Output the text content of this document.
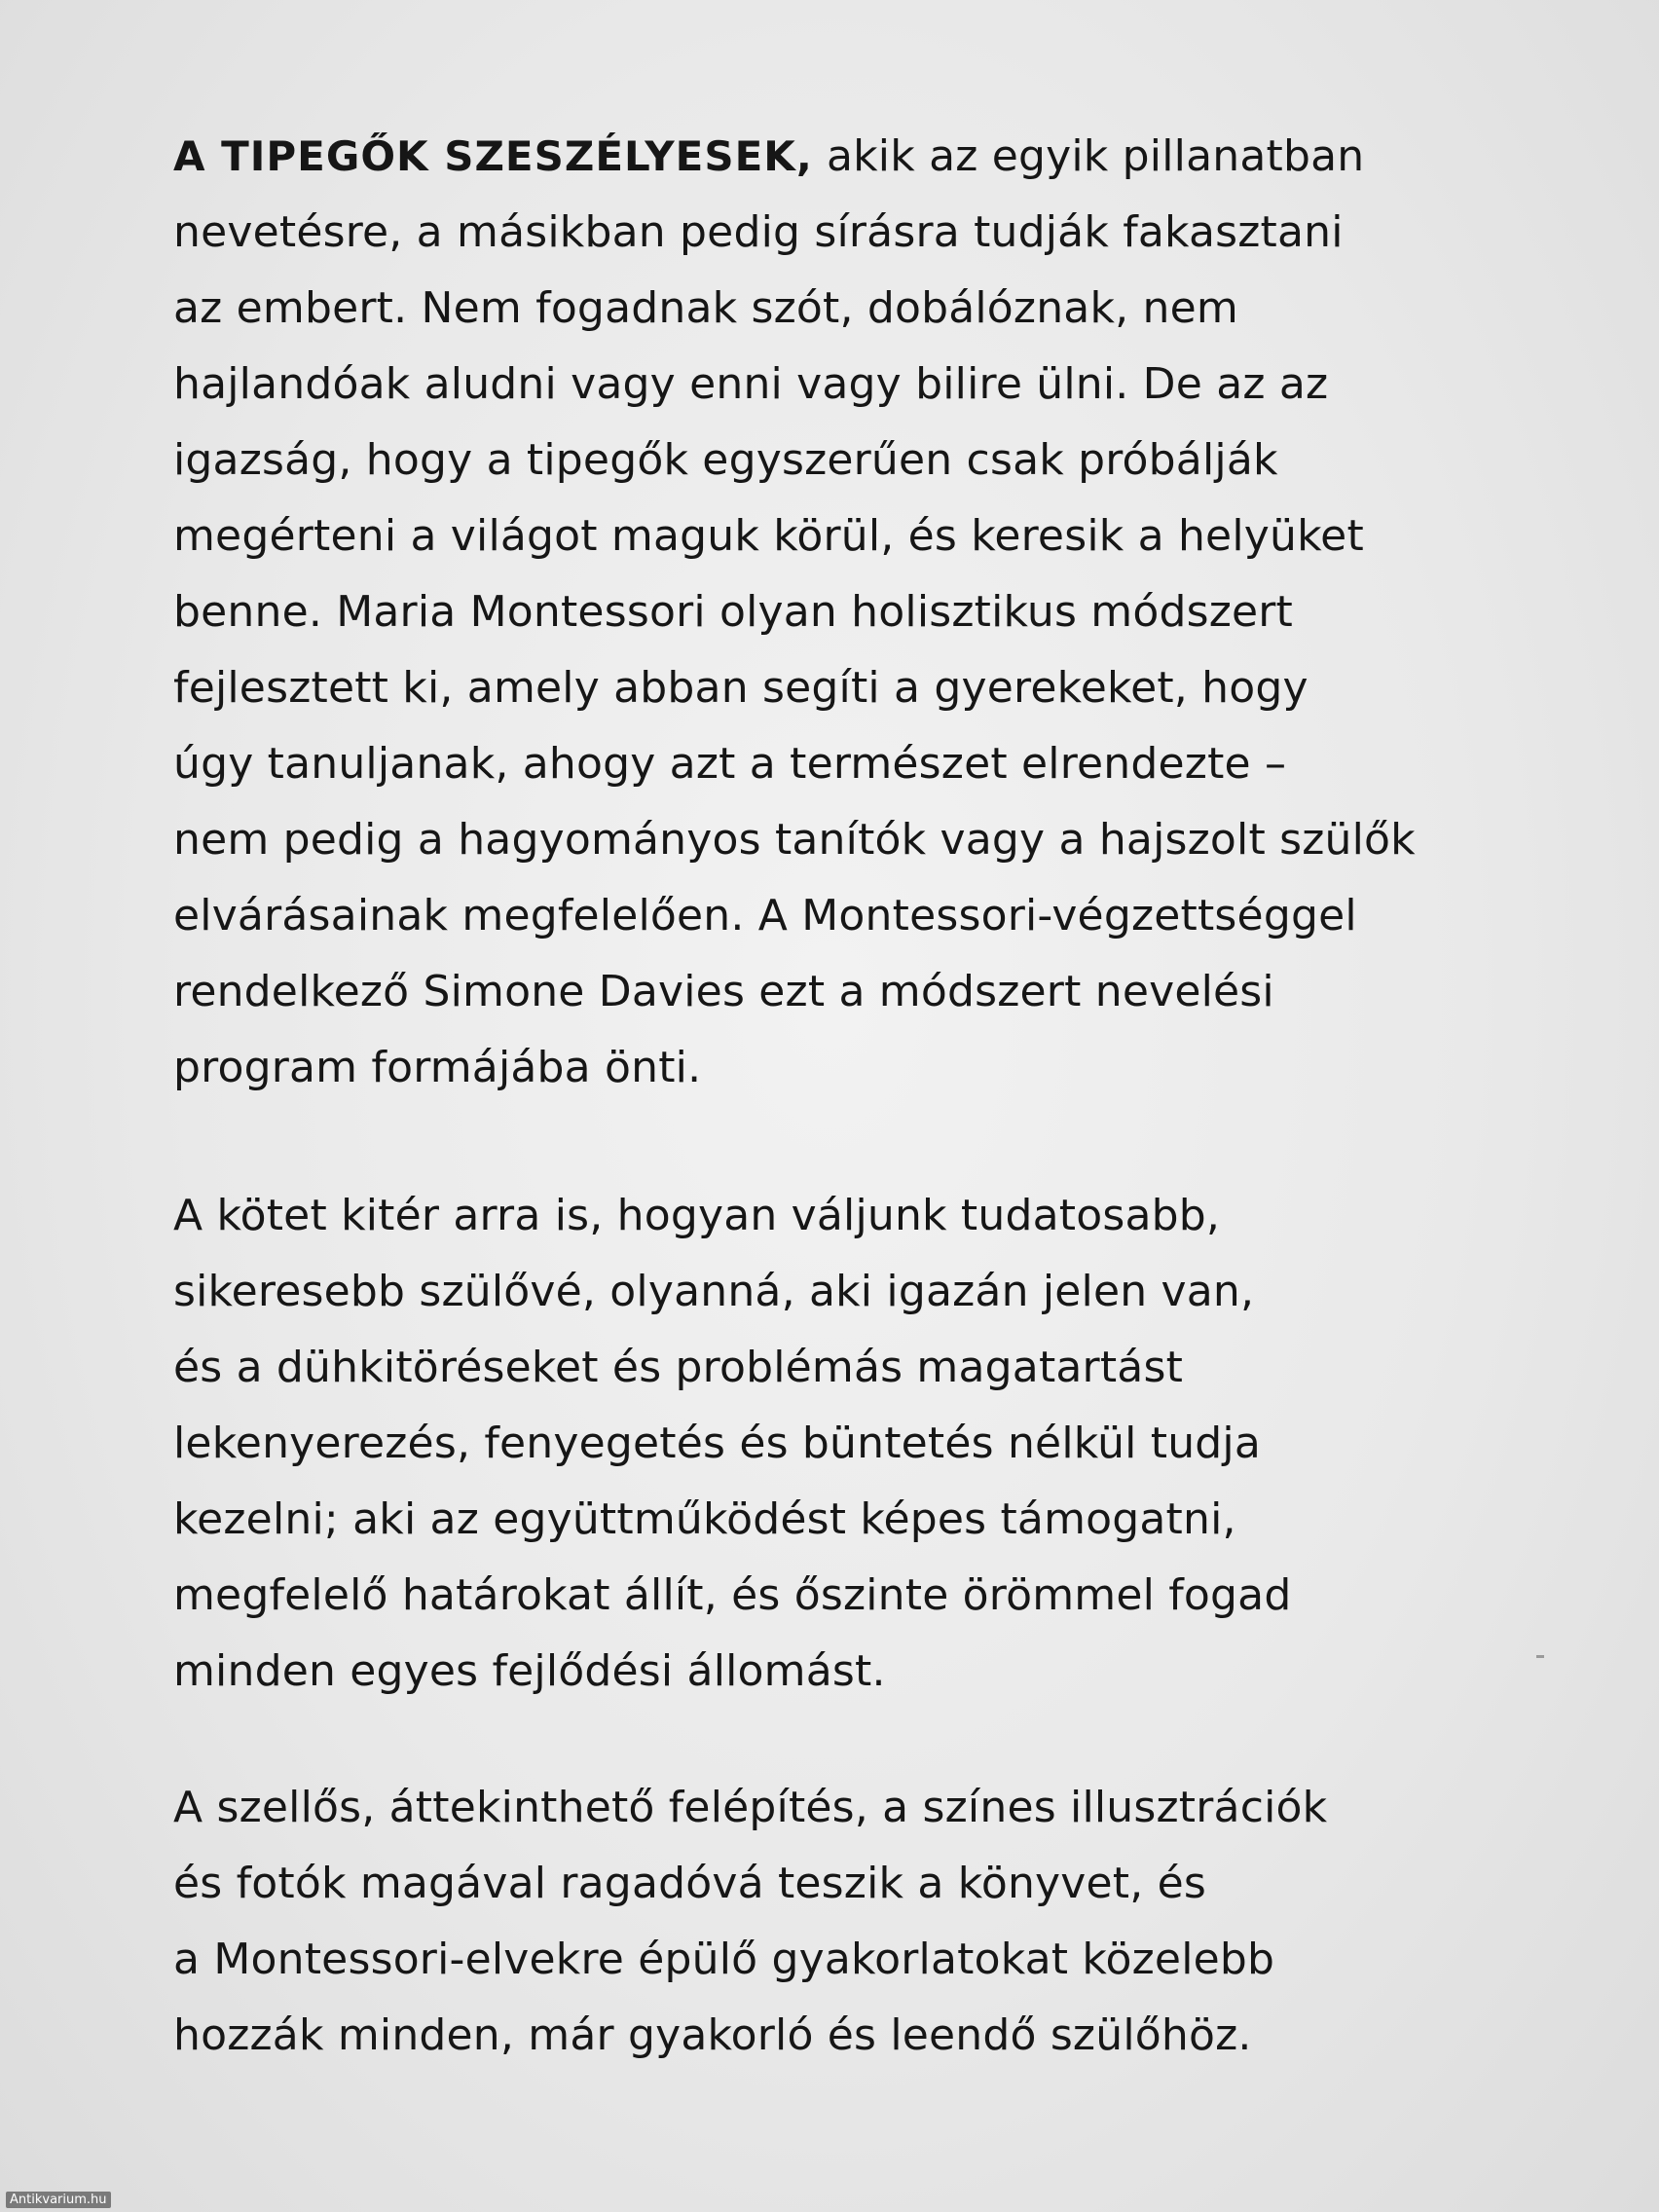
A TIPEGŐK SZESZÉLYESEK, akik az egyik pillanatban
nevetésre, a másikban pedig sírásra tudják fakasztani
az embert. Nem fogadnak szót, dobálóznak, nem
hajlandóak aludni vagy enni vagy bilire ülni. De az az
igazság, hogy a tipegők egyszerűen csak próbálják
megérteni a világot maguk körül, és keresik a helyüket
benne. Maria Montessori olyan holisztikus módszert
fejlesztett ki, amely abban segíti a gyerekeket, hogy
úgy tanuljanak, ahogy azt a természet elrendezte –
nem pedig a hagyományos tanítók vagy a hajszolt szülők
elvárásainak megfelelően. A Montessori-végzettséggel
rendelkező Simone Davies ezt a módszert nevelési
program formájába önti.
A kötet kitér arra is, hogyan váljunk tudatosabb,
sikeresebb szülővé, olyanná, aki igazán jelen van,
és a dühkitöréseket és problémás magatartást
lekenyerezés, fenyegetés és büntetés nélkül tudja
kezelni; aki az együttműködést képes támogatni,
megfelelő határokat állít, és őszinte örömmel fogad
minden egyes fejlődési állomást.
A szellős, áttekinthető felépítés, a színes illusztrációk
és fotók magával ragadóvá teszik a könyvet, és
a Montessori-elvekre épülő gyakorlatokat közelebb
hozzák minden, már gyakorló és leendő szülőhöz.
Antikvarium.hu
